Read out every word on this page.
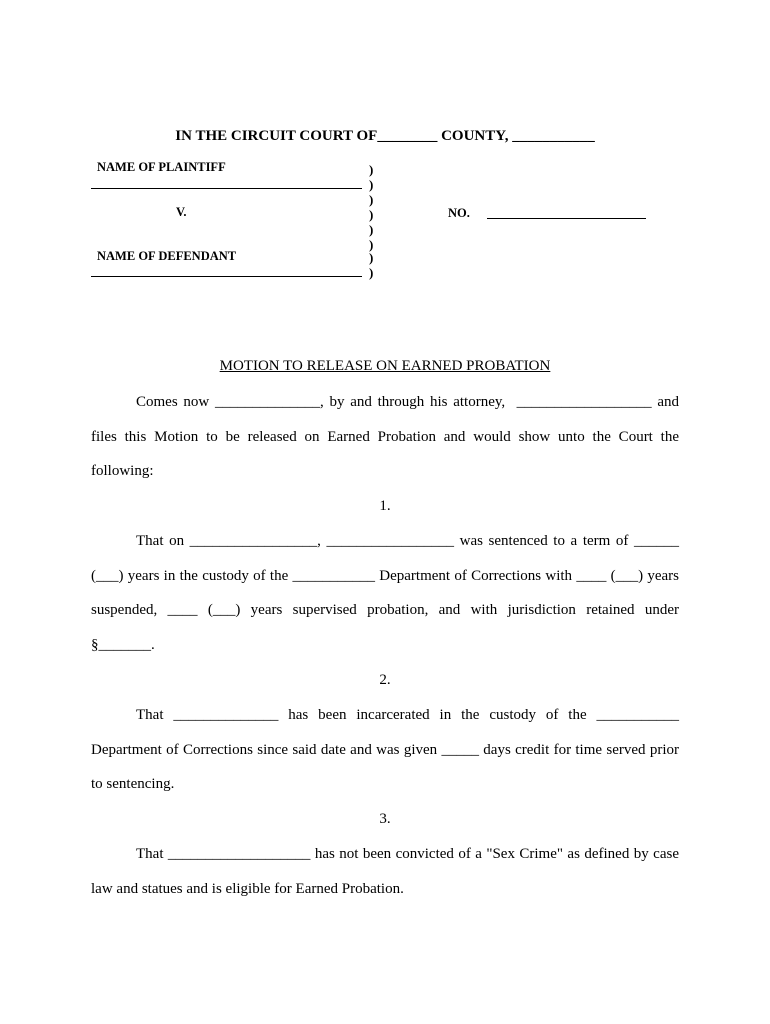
IN THE CIRCUIT COURT OF________ COUNTY, ___________
NAME OF PLAINTIFF
V.
NAME OF DEFENDANT
)
)
)
)
)
)
)
)
NO.
MOTION TO RELEASE ON EARNED PROBATION
Comes now ______________, by and through his attorney,  __________________ and files this Motion to be released on Earned Probation and would show unto the Court the following:
1.
That on _________________, _________________ was sentenced to a term of ______ (___) years in the custody of the ___________ Department of Corrections with ____ (___) years suspended, ____ (___) years supervised probation, and with jurisdiction retained under §_______.
2.
That ______________ has been incarcerated in the custody of the ___________ Department of Corrections since said date and was given _____ days credit for time served prior to sentencing.
3.
That ___________________ has not been convicted of a "Sex Crime" as defined by case law and statues and is eligible for Earned Probation.
